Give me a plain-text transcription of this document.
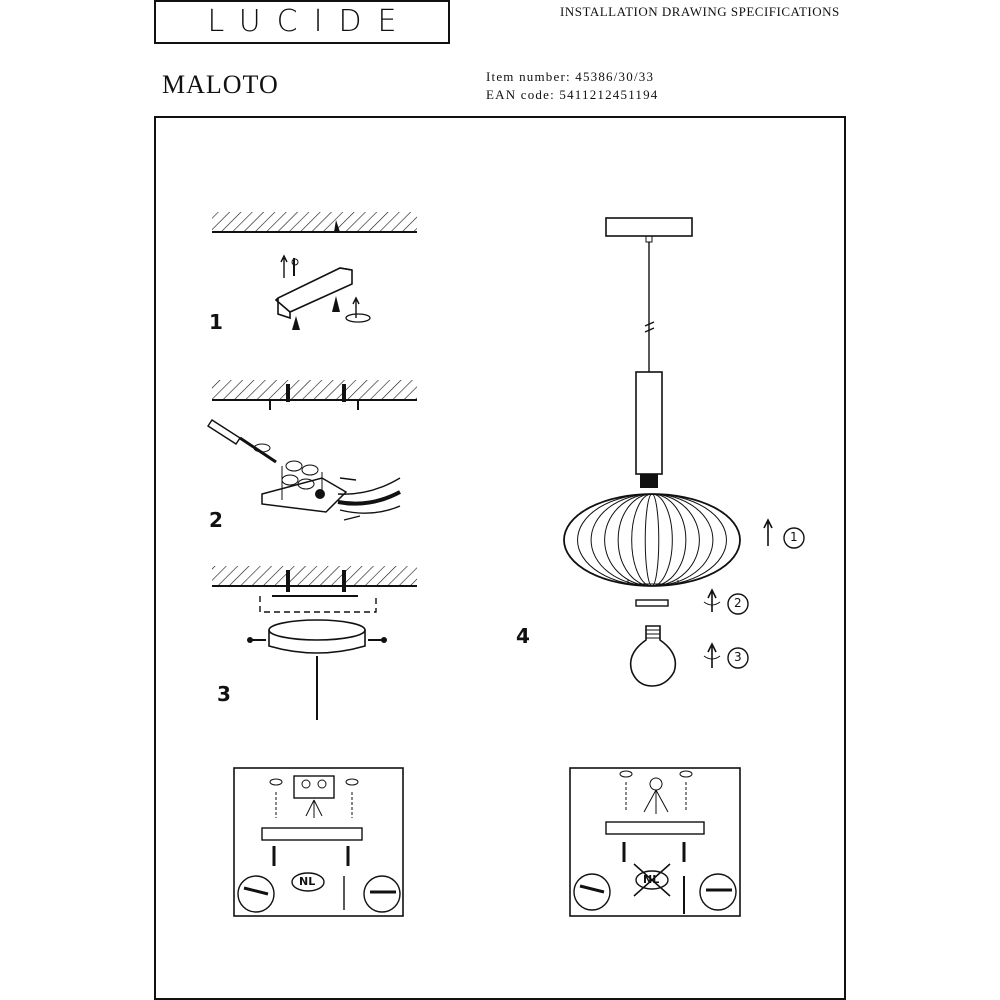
LUCIDE	INSTALLATION DRAWING SPECIFICATIONS
MALOTO	Item number: 45386/30/33
EAN code: 5411212451194
1
2
3
4
1
2
3
NL	NL
